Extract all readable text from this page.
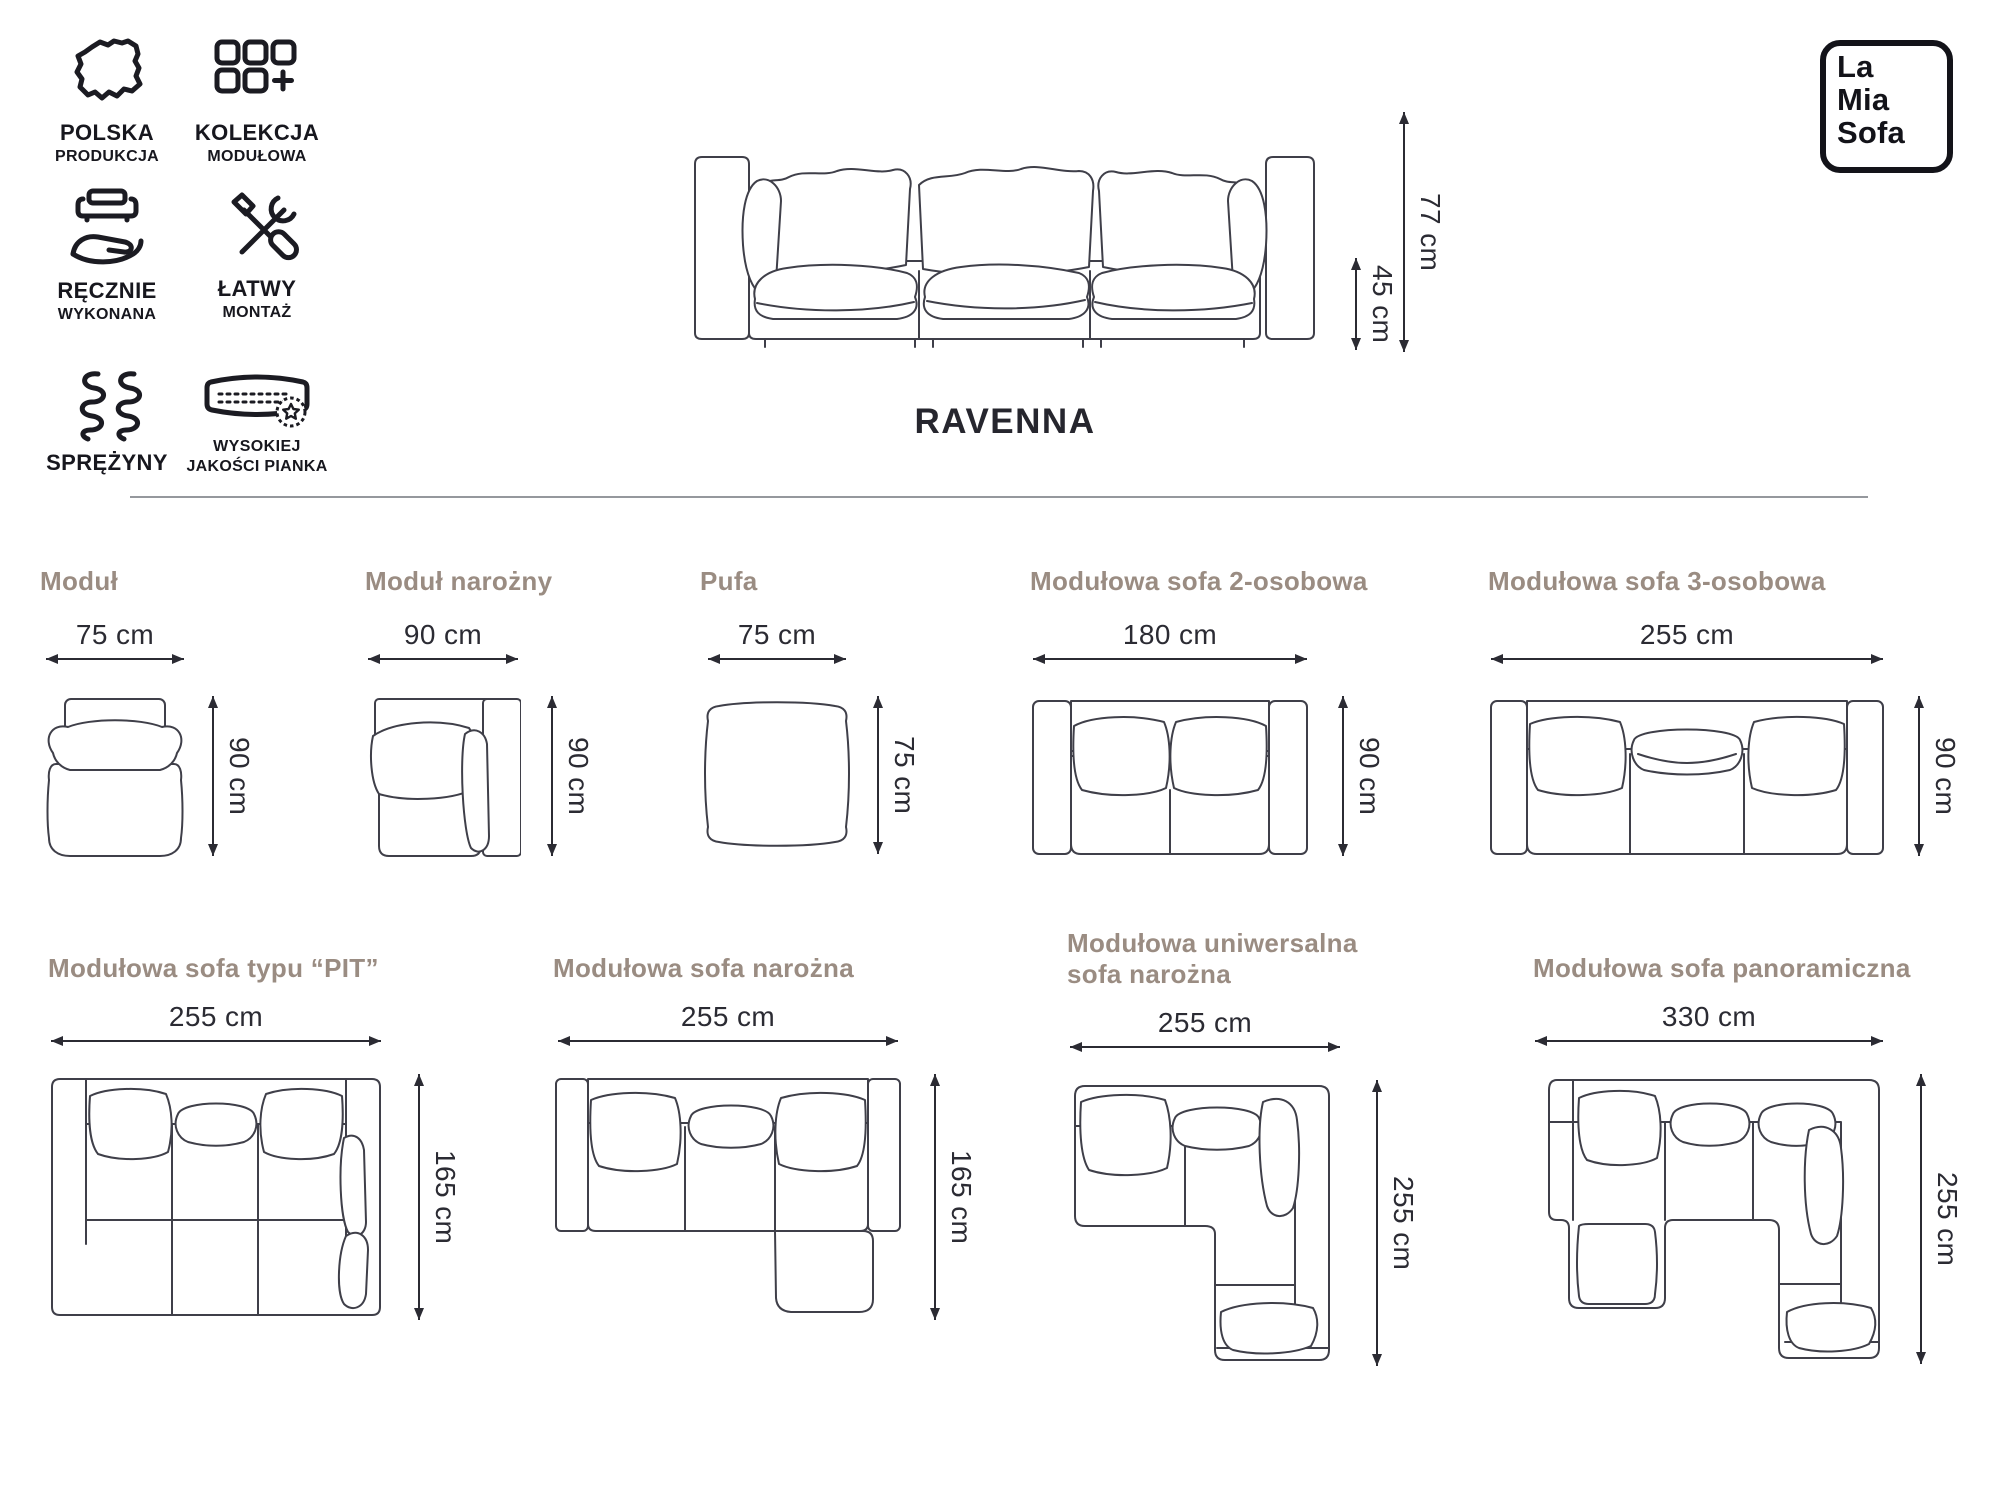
POLSKA
PRODUKCJA
KOLEKCJA
MODUŁOWA
RĘCZNIE
WYKONANA
ŁATWY
MONTAŻ
SPRĘŻYNY
WYSOKIEJ
JAKOŚCI PIANKA
La
Mia
Sofa
45 cm
77 cm
RAVENNA
Moduł
75 cm
90 cm
Moduł narożny
90 cm
90 cm
Pufa
75 cm
75 cm
Modułowa sofa 2-osobowa
180 cm
90 cm
Modułowa sofa 3-osobowa
255 cm
90 cm
Modułowa sofa typu “PIT”
255 cm
165 cm
Modułowa sofa narożna
255 cm
165 cm
Modułowa uniwersalna sofa narożna
255 cm
255 cm
Modułowa sofa panoramiczna
330 cm
255 cm
